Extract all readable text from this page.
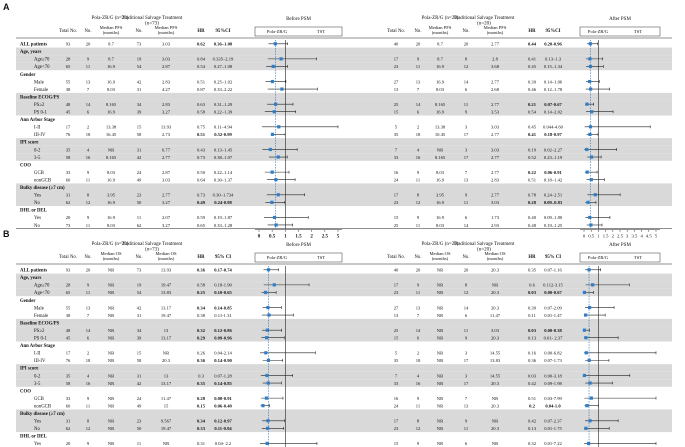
A
B
Pola-ZR/G (n=20)
Traditional Salvage Treatment
(n=73)
Pola-ZR/G (n=20)
Traditional Salvage Treatment
(n=20)
Total No. No.
Median PFS
(months)	No.
Median PFS
(months)	HR 95%CI	Total No. No.
Median PFS
(months)	No.
Median PFS
(months)	HR 95%CI
Before PSM	After PSM
Pola-ZR/G	TST	Pola-ZR/G	TST
ALL patients	93	20	8.7	73	3.03	0.62 0.36–1.08	40	20	8.7	20	2.77	0.44 0.20-0.96
Age, years
Age≥70	28	9	8.7	19	3.03	0.84 0.335–2.19	17	9	8.7	8	2.8	0.41 0.13–1.3
Age<70	65	11	16.9	54	2.87	0.54 0.27–1.08	23	11	16.9	12	3.68	0.45 0.15–1.34
Gender
Male	55	13	16.9	42	2.83	0.51 0.25–1.02	27	13	16.9	14	2.77	0.39 0.14–1.06
Female	38	7	8.03	31	4.27	0.87 0.33–2.22	13	7	8.03	6	2.68	0.46 0.12–1.78
Baseline ECOG/PS
PS≥2	48	14	8.165	34	2.83	0.63 0.31–1.29	25	14	8.165	11	2.77	0.21 0.07-0.67
PS 0-1	45	6	16.9	39	3.27	0.58 0.22–1.39	15	6	16.9	9	3.53	0.54 0.14–2.02
Ann Arbor Stage
I-II	17	2	13.38	15	13.93	0.75 0.11–4.94	5	2	13.38	3	3.03	0.45 0.044-4.60
III-IV	76	18	16.45	58	2.73	0.51 0.52-0.99	35	18	10.45	17	2.77	0.41 0.18-0.97
IPI score
0-2	35	4	NR	31	6.77	0.43 0.13–1.45	7	4	NR	3	3.03	0.19 0.02–2.27
3-5	58	16	8.165	42	2.77	0.73 0.38–1.07	33	16	8.165	17	2.77	0.52 0.23–1.19
COO
GCB	33	9	8.03	24	2.87	0.50 0.22–1.14	16	9	8.03	7	2.77	0.22 0.06-0.91
nonGCB	60	11	16.9	49	3.03	0.64 0.30–1.37	24	11	16.9	13	2.83	0.51 0.18–1.42
Bulky disease (≥7 cm)
Yes	31	8	3.95	23	2.77	0.73 0.30–1.734	17	8	3.95	9	2.77	0.78 0.24–2.51
No	62	12	16.9	50	3.27	0.49 0.24-0.98	23	12	16.9	11	3.03	0.28 0.09–0.83
DHL or DEL
Yes	20	9	16.9	11	2.07	0.59 0.19–1.87	15	9	16.9	6	1.73	0.40 0.09–1.80
No	73	11	8.03	62	3.27	0.65 0.33–1.28	25	11	8.03	14	2.93	0.48 0.19–1.25
0 0.5 1 1.5 2 2.5 5	0 0.5 1 1.5 2 2.5 3 3.5 4 4.5 5
Pola-ZR/G (n=20)
Traditional Salvage Treatment
(n=73)
Pola-ZR/G (n=20)
Traditional Salvage Treatment
(n=20)
Total No. No.
Median OS
(months)	No.
Median OS
(months)	HR 95% CI	Total No. No.
Median OS
(months)	No.
Median OS
(months)	HR 95% CI
Before PSM	After PSM
Pola-ZR/G	TST	Pola-ZR/G	TST
ALL patients	93	20	NR	73	13.93	0.36 0.17-0.74	40	20	NR	20	20.3	0.35 0.07-1.16
Age, years
Age≥70	28	9	NR	19	19.47	0.58 0.18-1.90	17	9	NR	8	NR	0.6 0.112-3.15
Age<70	65	11	NR	54	13.83	0.25 0.10-0.65	23	11	NR	12	20.3	0.03 0.00-0.67
Gender
Male	55	13	NR	42	13.17	0.34 0.14-0.85	27	13	NR	14	20.3	0.39 0.07-2.09
Female	38	7	NR	31	19.47	0.38 0.11-1.31	13	7	NR	6	11.47	0.11 0.01-1.47
Baseline ECOG/PS
PS≥2	48	14	NR	34	13	0.32 0.12-0.86	25	14	NR	11	3.03	0.03 0.00-0.38
PS 0-1	45	6	NR	39	13.17	0.29 0.09-0.96	15	6	NR	9	20.3	0.13 0.01- 2.37
Ann Arbor Stage
I-II	17	2	NR	15	NR	0.26 0.04-2.14	5	2	NR	3	14.55	0.16 0.00-6.82
III-IV	76	18	NR	58	20.3	0.36 0.14-0.90	35	18	NR	17	13.83	0.36 0.07-1.73
IPI score
0-2	35	4	NR	31	13	0.3 0.07-1.28	7	4	NR	3	14.55	0.03 0.00-3.18
3-5	58	16	NR	42	13.17	0.35 0.14-0.85	33	16	NR	17	20.3	0.42 0.09-1.98
COO
GCB	33	9	NR	24	11.47	0.28 0.08-0.91	16	9	NR	7	NR	0.51 0.03-7.99
nonGCB	60	11	NR	49	15	0.15 0.06-0.40	24	11	NR	13	20.3	0.2 0.04-1.0
Bulky disease (≥7 cm)
Yes	31	8	NR	23	9.567	0.34 0.12-0.97	17	8	NR	9	NR	0.42 0.07-2.37
No	62	12	NR	50	19.47	0.33 0.11-0.94	23	12	NR	11	20.3	0.13 0.01-1.75
DHL or DEL
Yes	20	9	NR	11	NR	0.31 0.04- 2.2	15	9	NR	6	NR	0.32 0.01-7.22
